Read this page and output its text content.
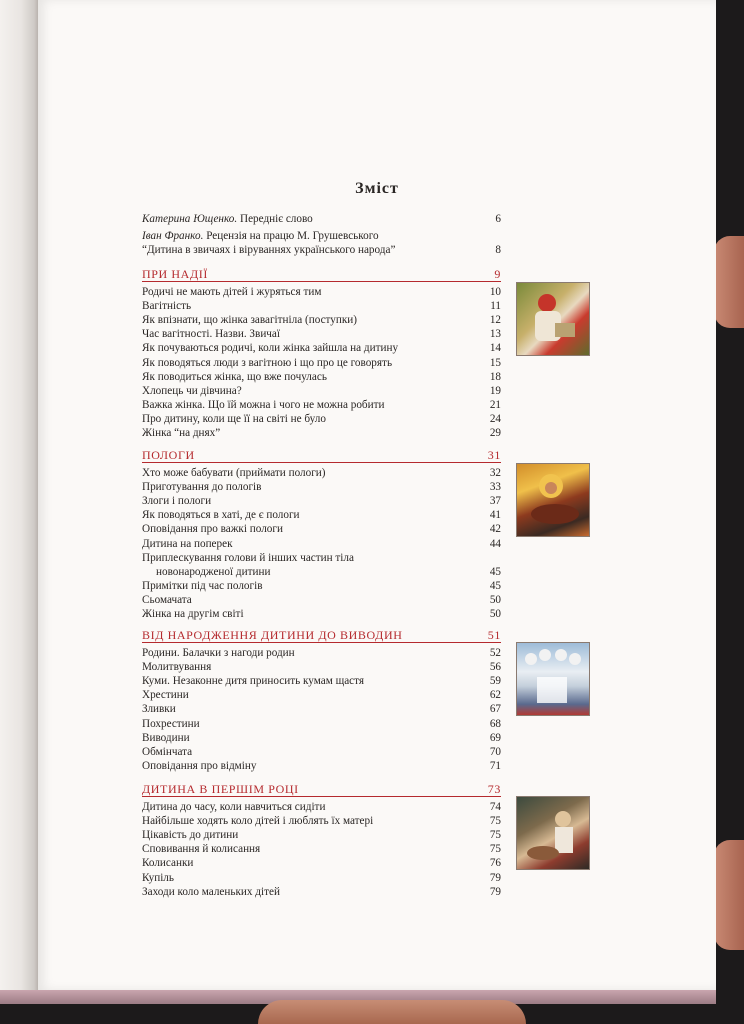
Зміст
Катерина Ющенко. Передніє слово	6
Іван Франко. Рецензія на працю М. Грушевського
“Дитина в звичаях і віруваннях українського народа”	8
ПРИ НАДІЇ	9
Родичі не мають дітей і журяться тим	10
Вагітність	11
Як впізнати, що жінка завагітніла (поступки)	12
Час вагітності. Назви. Звичаї	13
Як почуваються родичі, коли жінка зайшла на дитину	14
Як поводяться люди з вагітною і що про це говорять	15
Як поводиться жінка, що вже почулась	18
Хлопець чи дівчина?	19
Важка жінка. Що їй можна і чого не можна робити	21
Про дитину, коли ще її на світі не було	24
Жінка “на днях”	29
ПОЛОГИ	31
Хто може бабувати (приймати пологи)	32
Приготування до пологів	33
Злоги і пологи	37
Як поводяться в хаті, де є пологи	41
Оповідання про важкі пологи	42
Дитина на поперек	44
Приплескування голови й інших частин тіла
новонародженої дитини	45
Примітки під час пологів	45
Сьомачата	50
Жінка на другім світі	50
ВІД НАРОДЖЕННЯ ДИТИНИ ДО ВИВОДИН	51
Родини. Балачки з нагоди родин	52
Молитвування	56
Куми. Незаконне дитя приносить кумам щастя	59
Хрестини	62
Зливки	67
Похрестини	68
Виводини	69
Обмінчата	70
Оповідання про відміну	71
ДИТИНА В ПЕРШІМ РОЦІ	73
Дитина до часу, коли навчиться сидіти	74
Найбільше ходять коло дітей і люблять їх матері	75
Цікавість до дитини	75
Сповивання й колисання	75
Колисанки	76
Купіль	79
Заходи коло маленьких дітей	79
